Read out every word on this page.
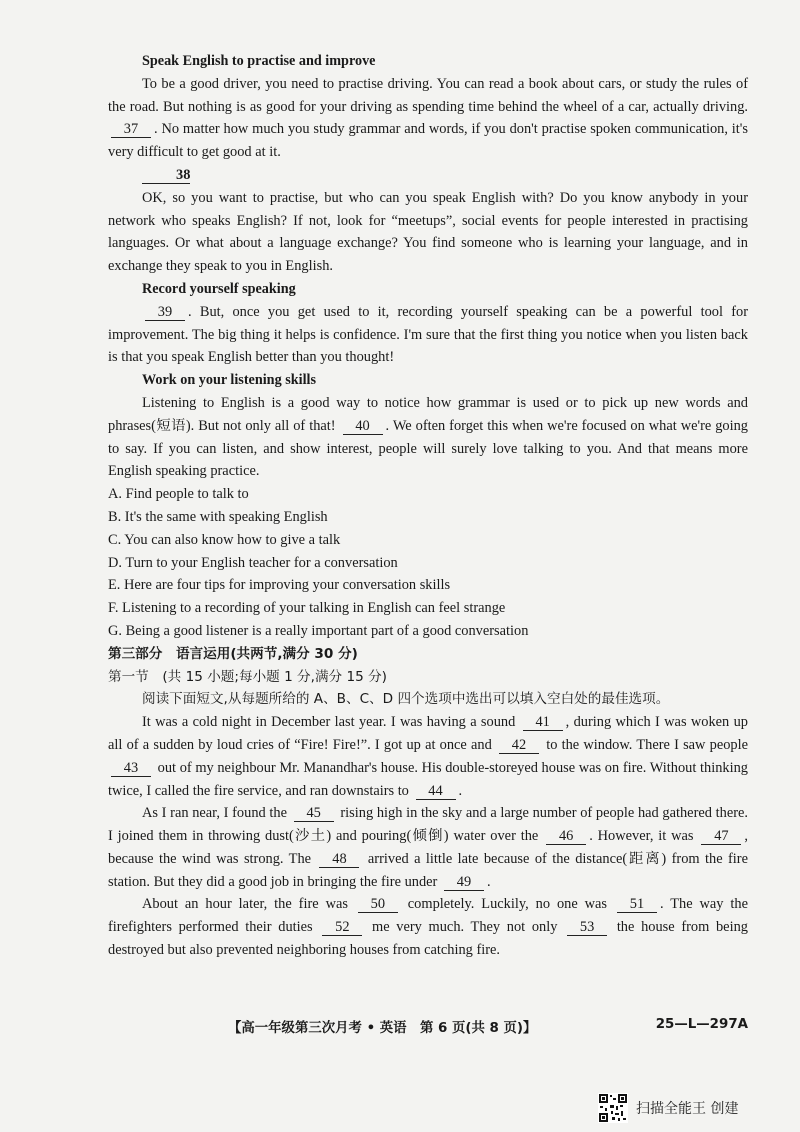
Speak English to practise and improve
To be a good driver, you need to practise driving. You can read a book about cars, or study the rules of the road. But nothing is as good for your driving as spending time behind the wheel of a car, actually driving. 37 . No matter how much you study grammar and words, if you don't practise spoken communication, it's very difficult to get good at it.
38
OK, so you want to practise, but who can you speak English with? Do you know anybody in your network who speaks English? If not, look for “meetups”, social events for people interested in practising languages. Or what about a language exchange? You find someone who is learning your language, and in exchange they speak to you in English.
Record yourself speaking
39 . But, once you get used to it, recording yourself speaking can be a powerful tool for improvement. The big thing it helps is confidence. I'm sure that the first thing you notice when you listen back is that you speak English better than you thought!
Work on your listening skills
Listening to English is a good way to notice how grammar is used or to pick up new words and phrases(短语). But not only all of that! 40 . We often forget this when we're focused on what we're going to say. If you can listen, and show interest, people will surely love talking to you. And that means more English speaking practice.
A. Find people to talk to
B. It's the same with speaking English
C. You can also know how to give a talk
D. Turn to your English teacher for a conversation
E. Here are four tips for improving your conversation skills
F. Listening to a recording of your talking in English can feel strange
G. Being a good listener is a really important part of a good conversation
第三部分　语言运用(共两节,满分 30 分)
第一节　(共 15 小题;每小题 1 分,满分 15 分)
阅读下面短文,从每题所给的 A、B、C、D 四个选项中选出可以填入空白处的最佳选项。
It was a cold night in December last year. I was having a sound 41 , during which I was woken up all of a sudden by loud cries of “Fire! Fire!”. I got up at once and 42 to the window. There I saw people 43 out of my neighbour Mr. Manandhar's house. His double-storeyed house was on fire. Without thinking twice, I called the fire service, and ran downstairs to 44 .
As I ran near, I found the 45 rising high in the sky and a large number of people had gathered there. I joined them in throwing dust(沙土) and pouring(倾倒) water over the 46 . However, it was 47 , because the wind was strong. The 48 arrived a little late because of the distance(距离) from the fire station. But they did a good job in bringing the fire under 49 .
About an hour later, the fire was 50 completely. Luckily, no one was 51 . The way the firefighters performed their duties 52 me very much. They not only 53 the house from being destroyed but also prevented neighboring houses from catching fire.
【高一年级第三次月考 • 英语　第 6 页(共 8 页)】	25—L—297A
扫描全能王 创建
